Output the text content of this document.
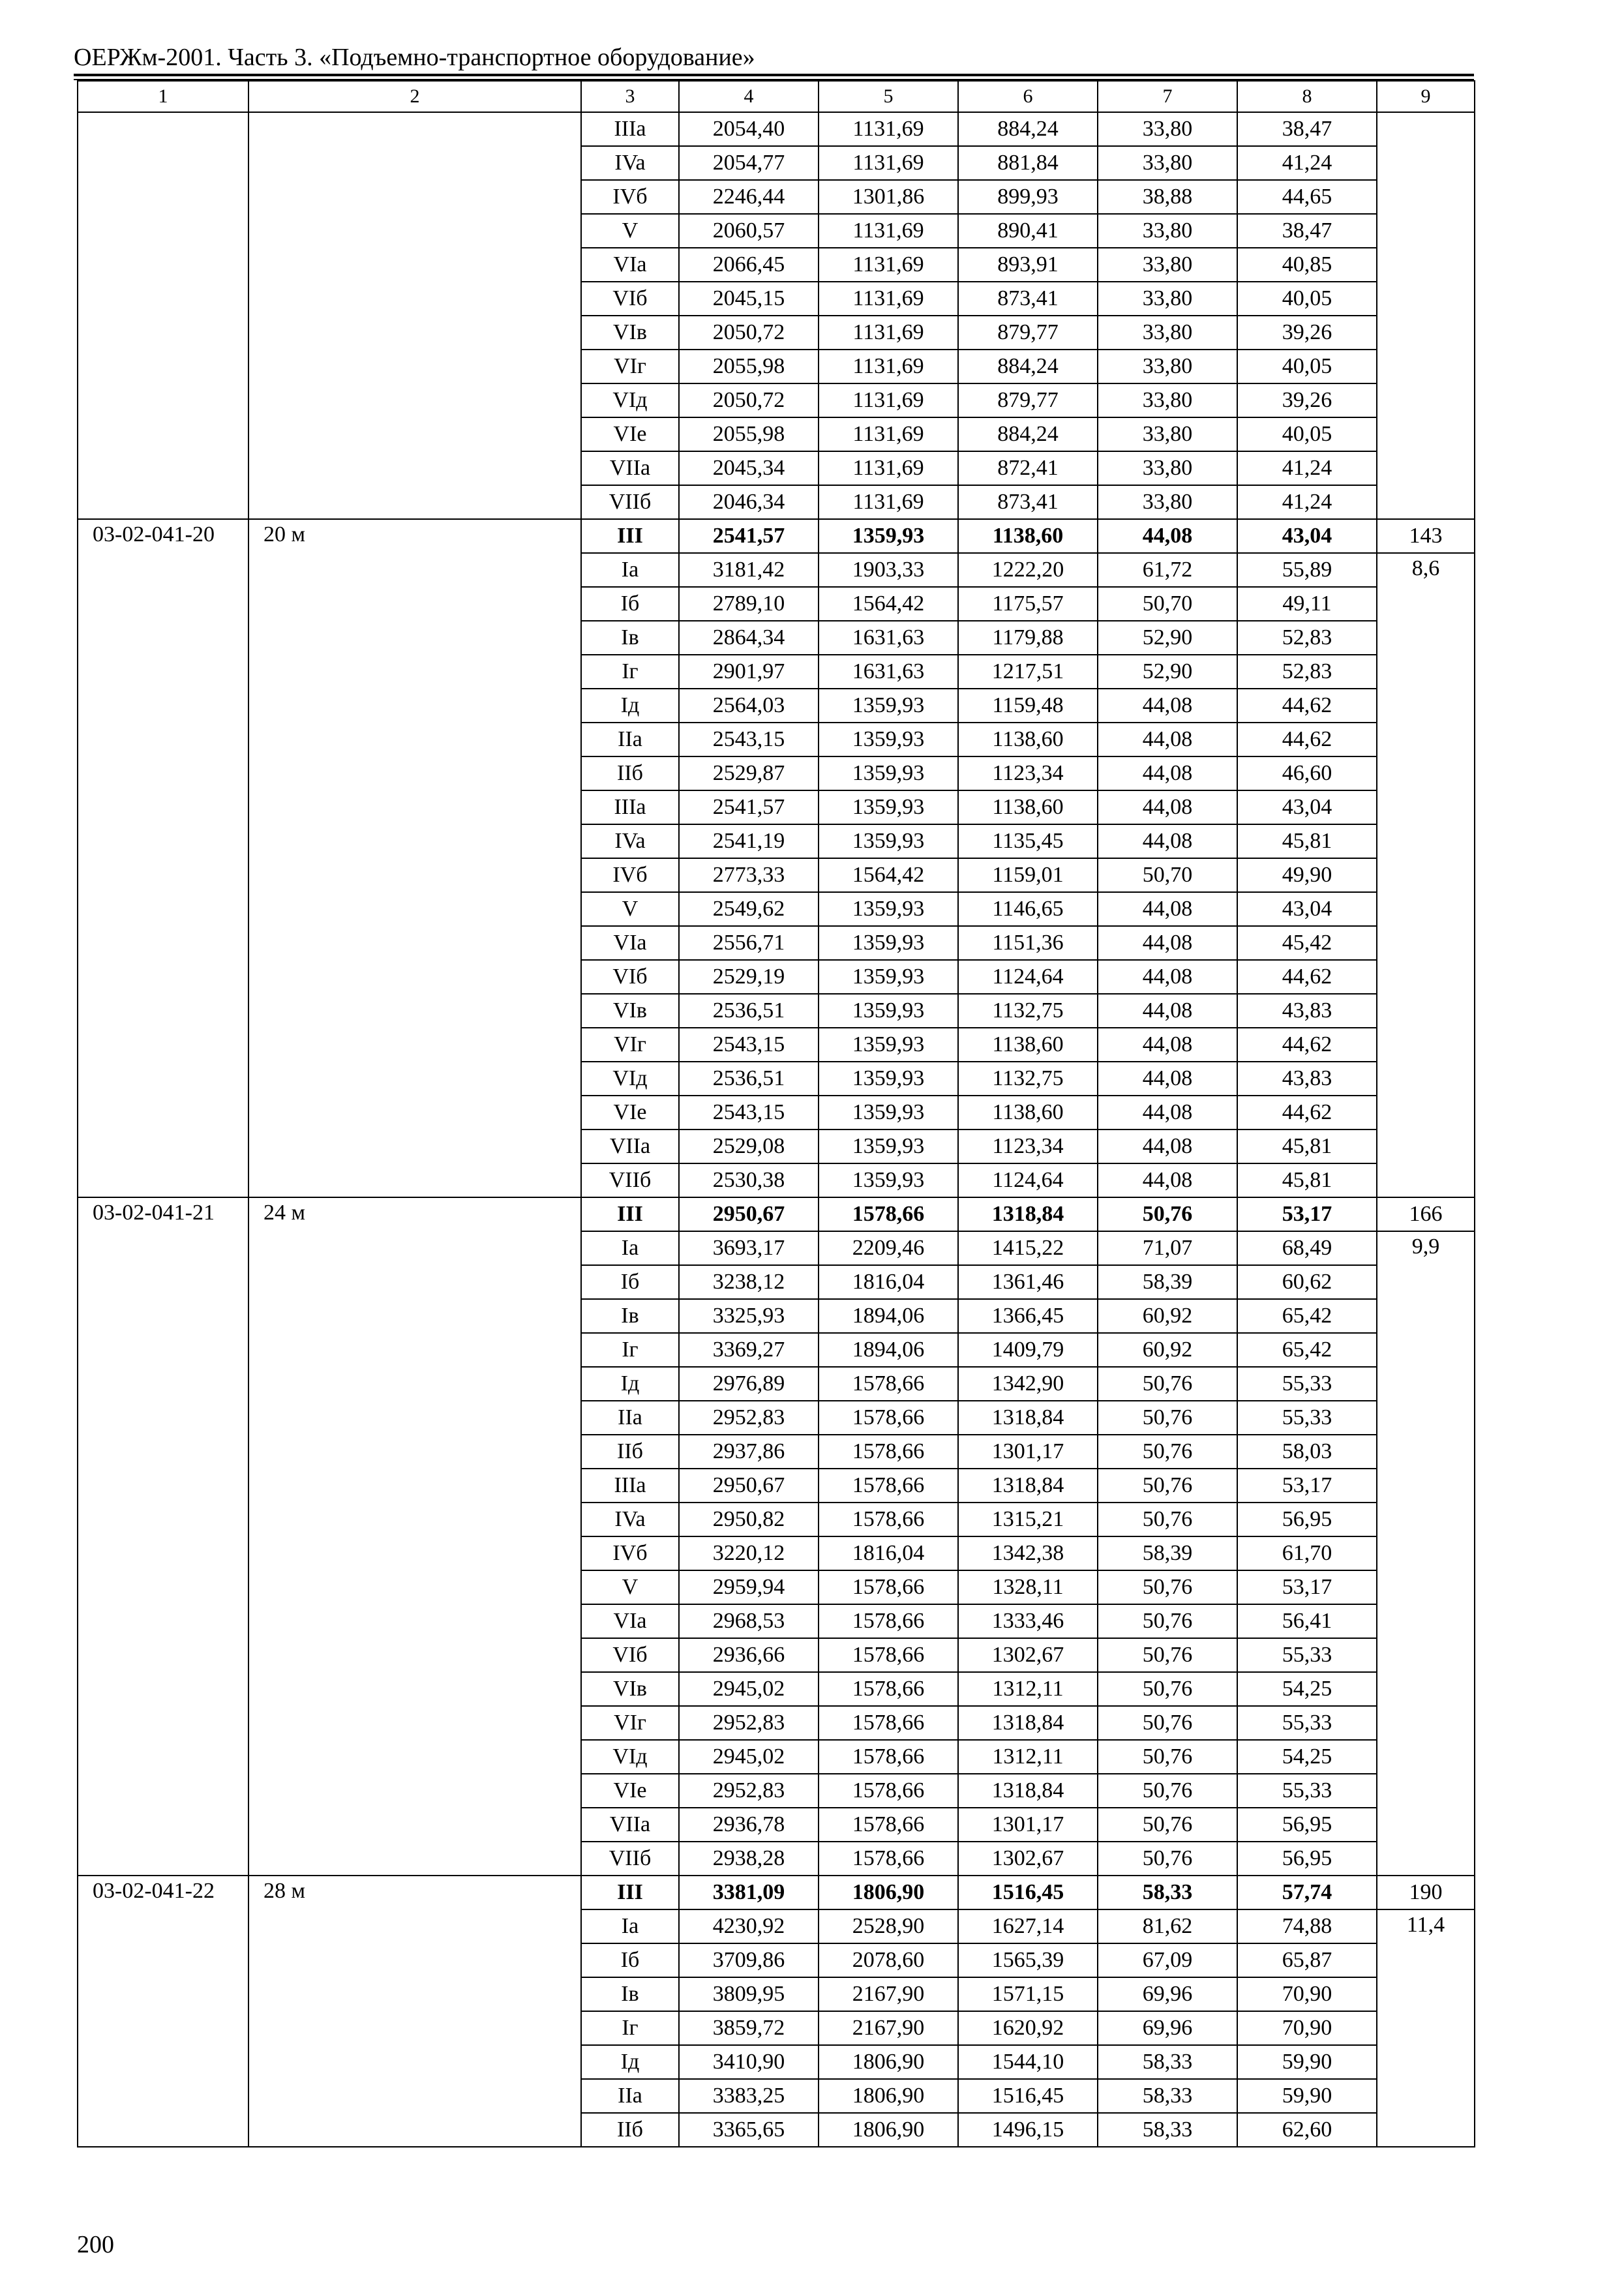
ОЕРЖм-2001. Часть 3. «Подъемно-транспортное оборудование»
1	2	3	4	5	6	7	8	9
		IIIa	2054,40	1131,69	884,24	33,80	38,47	
		IVa	2054,77	1131,69	881,84	33,80	41,24	
		IVб	2246,44	1301,86	899,93	38,88	44,65	
		V	2060,57	1131,69	890,41	33,80	38,47	
		VIa	2066,45	1131,69	893,91	33,80	40,85	
		VIб	2045,15	1131,69	873,41	33,80	40,05	
		VIв	2050,72	1131,69	879,77	33,80	39,26	
		VIг	2055,98	1131,69	884,24	33,80	40,05	
		VIд	2050,72	1131,69	879,77	33,80	39,26	
		VIe	2055,98	1131,69	884,24	33,80	40,05	
		VIIa	2045,34	1131,69	872,41	33,80	41,24	
		VIIб	2046,34	1131,69	873,41	33,80	41,24	
03-02-041-20	20 м	III	2541,57	1359,93	1138,60	44,08	43,04	143
		Ia	3181,42	1903,33	1222,20	61,72	55,89	8,6
		Iб	2789,10	1564,42	1175,57	50,70	49,11	
		Iв	2864,34	1631,63	1179,88	52,90	52,83	
		Iг	2901,97	1631,63	1217,51	52,90	52,83	
		Iд	2564,03	1359,93	1159,48	44,08	44,62	
		IIa	2543,15	1359,93	1138,60	44,08	44,62	
		IIб	2529,87	1359,93	1123,34	44,08	46,60	
		IIIa	2541,57	1359,93	1138,60	44,08	43,04	
		IVa	2541,19	1359,93	1135,45	44,08	45,81	
		IVб	2773,33	1564,42	1159,01	50,70	49,90	
		V	2549,62	1359,93	1146,65	44,08	43,04	
		VIa	2556,71	1359,93	1151,36	44,08	45,42	
		VIб	2529,19	1359,93	1124,64	44,08	44,62	
		VIв	2536,51	1359,93	1132,75	44,08	43,83	
		VIг	2543,15	1359,93	1138,60	44,08	44,62	
		VIд	2536,51	1359,93	1132,75	44,08	43,83	
		VIe	2543,15	1359,93	1138,60	44,08	44,62	
		VIIa	2529,08	1359,93	1123,34	44,08	45,81	
		VIIб	2530,38	1359,93	1124,64	44,08	45,81	
03-02-041-21	24 м	III	2950,67	1578,66	1318,84	50,76	53,17	166
		Ia	3693,17	2209,46	1415,22	71,07	68,49	9,9
		Iб	3238,12	1816,04	1361,46	58,39	60,62	
		Iв	3325,93	1894,06	1366,45	60,92	65,42	
		Iг	3369,27	1894,06	1409,79	60,92	65,42	
		Iд	2976,89	1578,66	1342,90	50,76	55,33	
		IIa	2952,83	1578,66	1318,84	50,76	55,33	
		IIб	2937,86	1578,66	1301,17	50,76	58,03	
		IIIa	2950,67	1578,66	1318,84	50,76	53,17	
		IVa	2950,82	1578,66	1315,21	50,76	56,95	
		IVб	3220,12	1816,04	1342,38	58,39	61,70	
		V	2959,94	1578,66	1328,11	50,76	53,17	
		VIa	2968,53	1578,66	1333,46	50,76	56,41	
		VIб	2936,66	1578,66	1302,67	50,76	55,33	
		VIв	2945,02	1578,66	1312,11	50,76	54,25	
		VIг	2952,83	1578,66	1318,84	50,76	55,33	
		VIд	2945,02	1578,66	1312,11	50,76	54,25	
		VIe	2952,83	1578,66	1318,84	50,76	55,33	
		VIIa	2936,78	1578,66	1301,17	50,76	56,95	
		VIIб	2938,28	1578,66	1302,67	50,76	56,95	
03-02-041-22	28 м	III	3381,09	1806,90	1516,45	58,33	57,74	190
		Ia	4230,92	2528,90	1627,14	81,62	74,88	11,4
		Iб	3709,86	2078,60	1565,39	67,09	65,87	
		Iв	3809,95	2167,90	1571,15	69,96	70,90	
		Iг	3859,72	2167,90	1620,92	69,96	70,90	
		Iд	3410,90	1806,90	1544,10	58,33	59,90	
		IIa	3383,25	1806,90	1516,45	58,33	59,90	
		IIб	3365,65	1806,90	1496,15	58,33	62,60	
200
